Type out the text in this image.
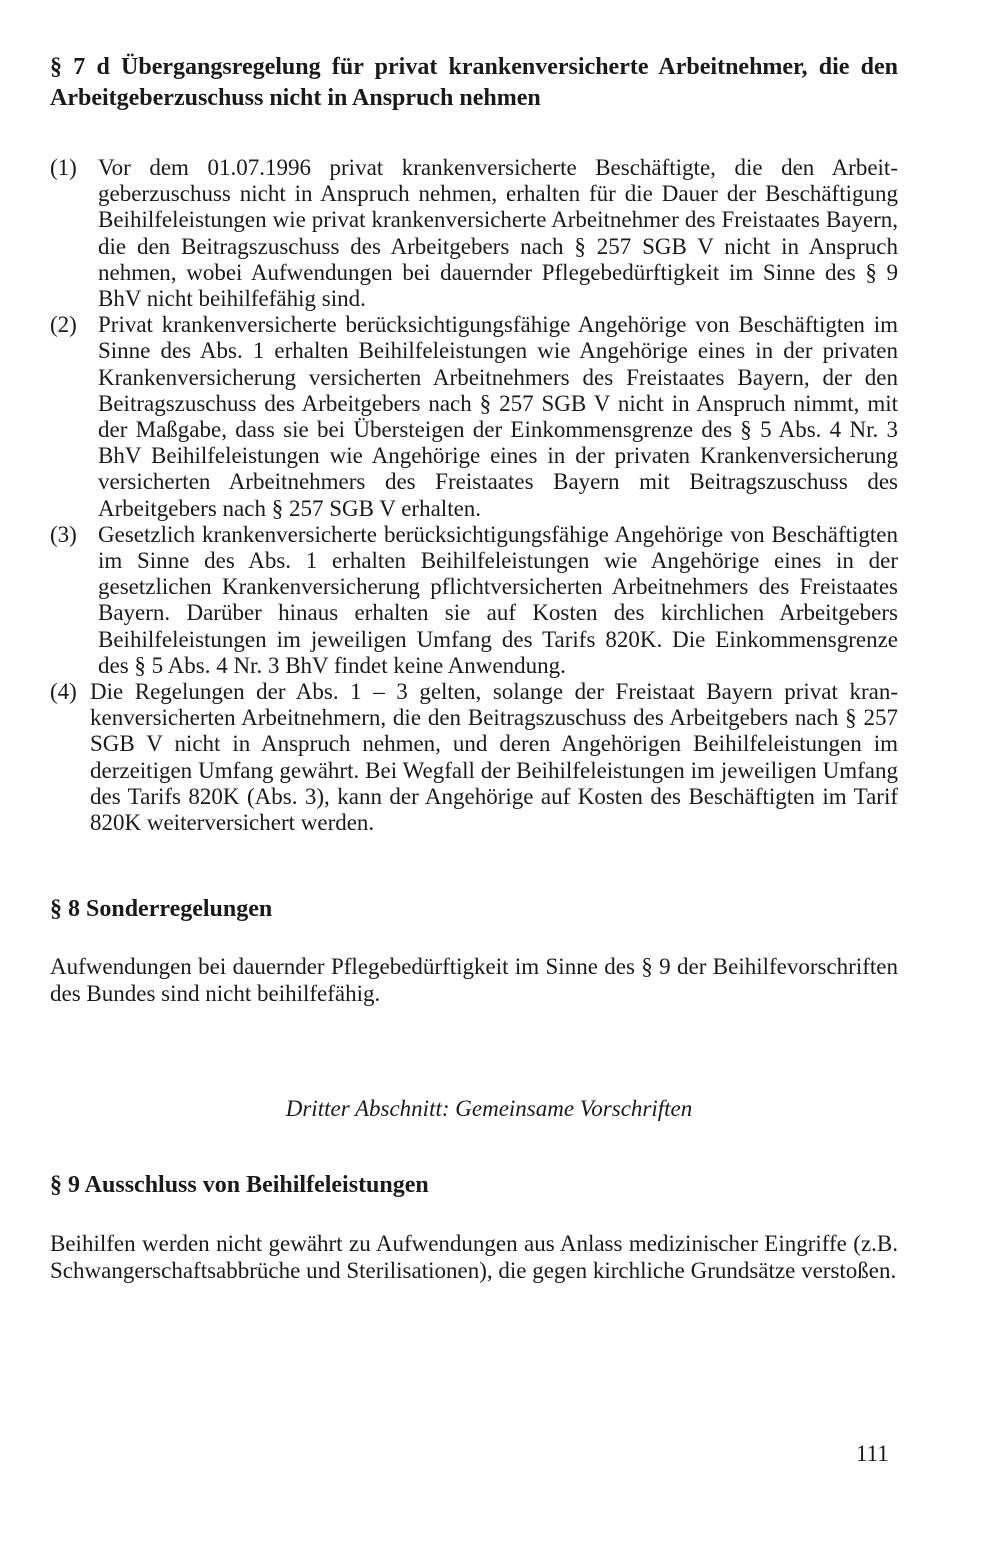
§ 7 d Übergangsregelung für privat krankenversicherte Arbeitnehmer, die den Arbeitgeberzuschuss nicht in Anspruch nehmen
(1) Vor dem 01.07.1996 privat krankenversicherte Beschäftigte, die den Arbeitgeberzuschuss nicht in Anspruch nehmen, erhalten für die Dauer der Beschäftigung Beihilfeleistungen wie privat krankenversicherte Arbeitnehmer des Freistaates Bayern, die den Beitragszuschuss des Arbeitgebers nach § 257 SGB V nicht in Anspruch nehmen, wobei Aufwendungen bei dauernder Pflegebedürftigkeit im Sinne des § 9 BhV nicht beihilfefähig sind.
(2) Privat krankenversicherte berücksichtigungsfähige Angehörige von Beschäftigten im Sinne des Abs. 1 erhalten Beihilfeleistungen wie Angehörige eines in der privaten Krankenversicherung versicherten Arbeitnehmers des Freistaates Bayern, der den Beitragszuschuss des Arbeitgebers nach § 257 SGB V nicht in Anspruch nimmt, mit der Maßgabe, dass sie bei Übersteigen der Einkommensgrenze des § 5 Abs. 4 Nr. 3 BhV Beihilfeleistungen wie Angehörige eines in der privaten Krankenversicherung versicherten Arbeitnehmers des Freistaates Bayern mit Beitragszuschuss des Arbeitgebers nach § 257 SGB V erhalten.
(3) Gesetzlich krankenversicherte berücksichtigungsfähige Angehörige von Beschäftigten im Sinne des Abs. 1 erhalten Beihilfeleistungen wie Angehörige eines in der gesetzlichen Krankenversicherung pflichtversicherten Arbeitnehmers des Freistaates Bayern. Darüber hinaus erhalten sie auf Kosten des kirchlichen Arbeitgebers Beihilfeleistungen im jeweiligen Umfang des Tarifs 820K. Die Einkommensgrenze des § 5 Abs. 4 Nr. 3 BhV findet keine Anwendung.
(4) Die Regelungen der Abs. 1 – 3 gelten, solange der Freistaat Bayern privat krankenversicherten Arbeitnehmern, die den Beitragszuschuss des Arbeitgebers nach § 257 SGB V nicht in Anspruch nehmen, und deren Angehörigen Beihilfeleistungen im derzeitigen Umfang gewährt. Bei Wegfall der Beihilfeleistungen im jeweiligen Umfang des Tarifs 820K (Abs. 3), kann der Angehörige auf Kosten des Beschäftigten im Tarif 820K weiterversichert werden.
§ 8 Sonderregelungen

Aufwendungen bei dauernder Pflegebedürftigkeit im Sinne des § 9 der Beihilfevorschriften des Bundes sind nicht beihilfefähig.

Dritter Abschnitt: Gemeinsame Vorschriften
§ 9 Ausschluss von Beihilfeleistungen

Beihilfen werden nicht gewährt zu Aufwendungen aus Anlass medizinischer Eingriffe (z.B. Schwangerschaftsabbrüche und Sterilisationen), die gegen kirchliche Grundsätze verstoßen.

111
